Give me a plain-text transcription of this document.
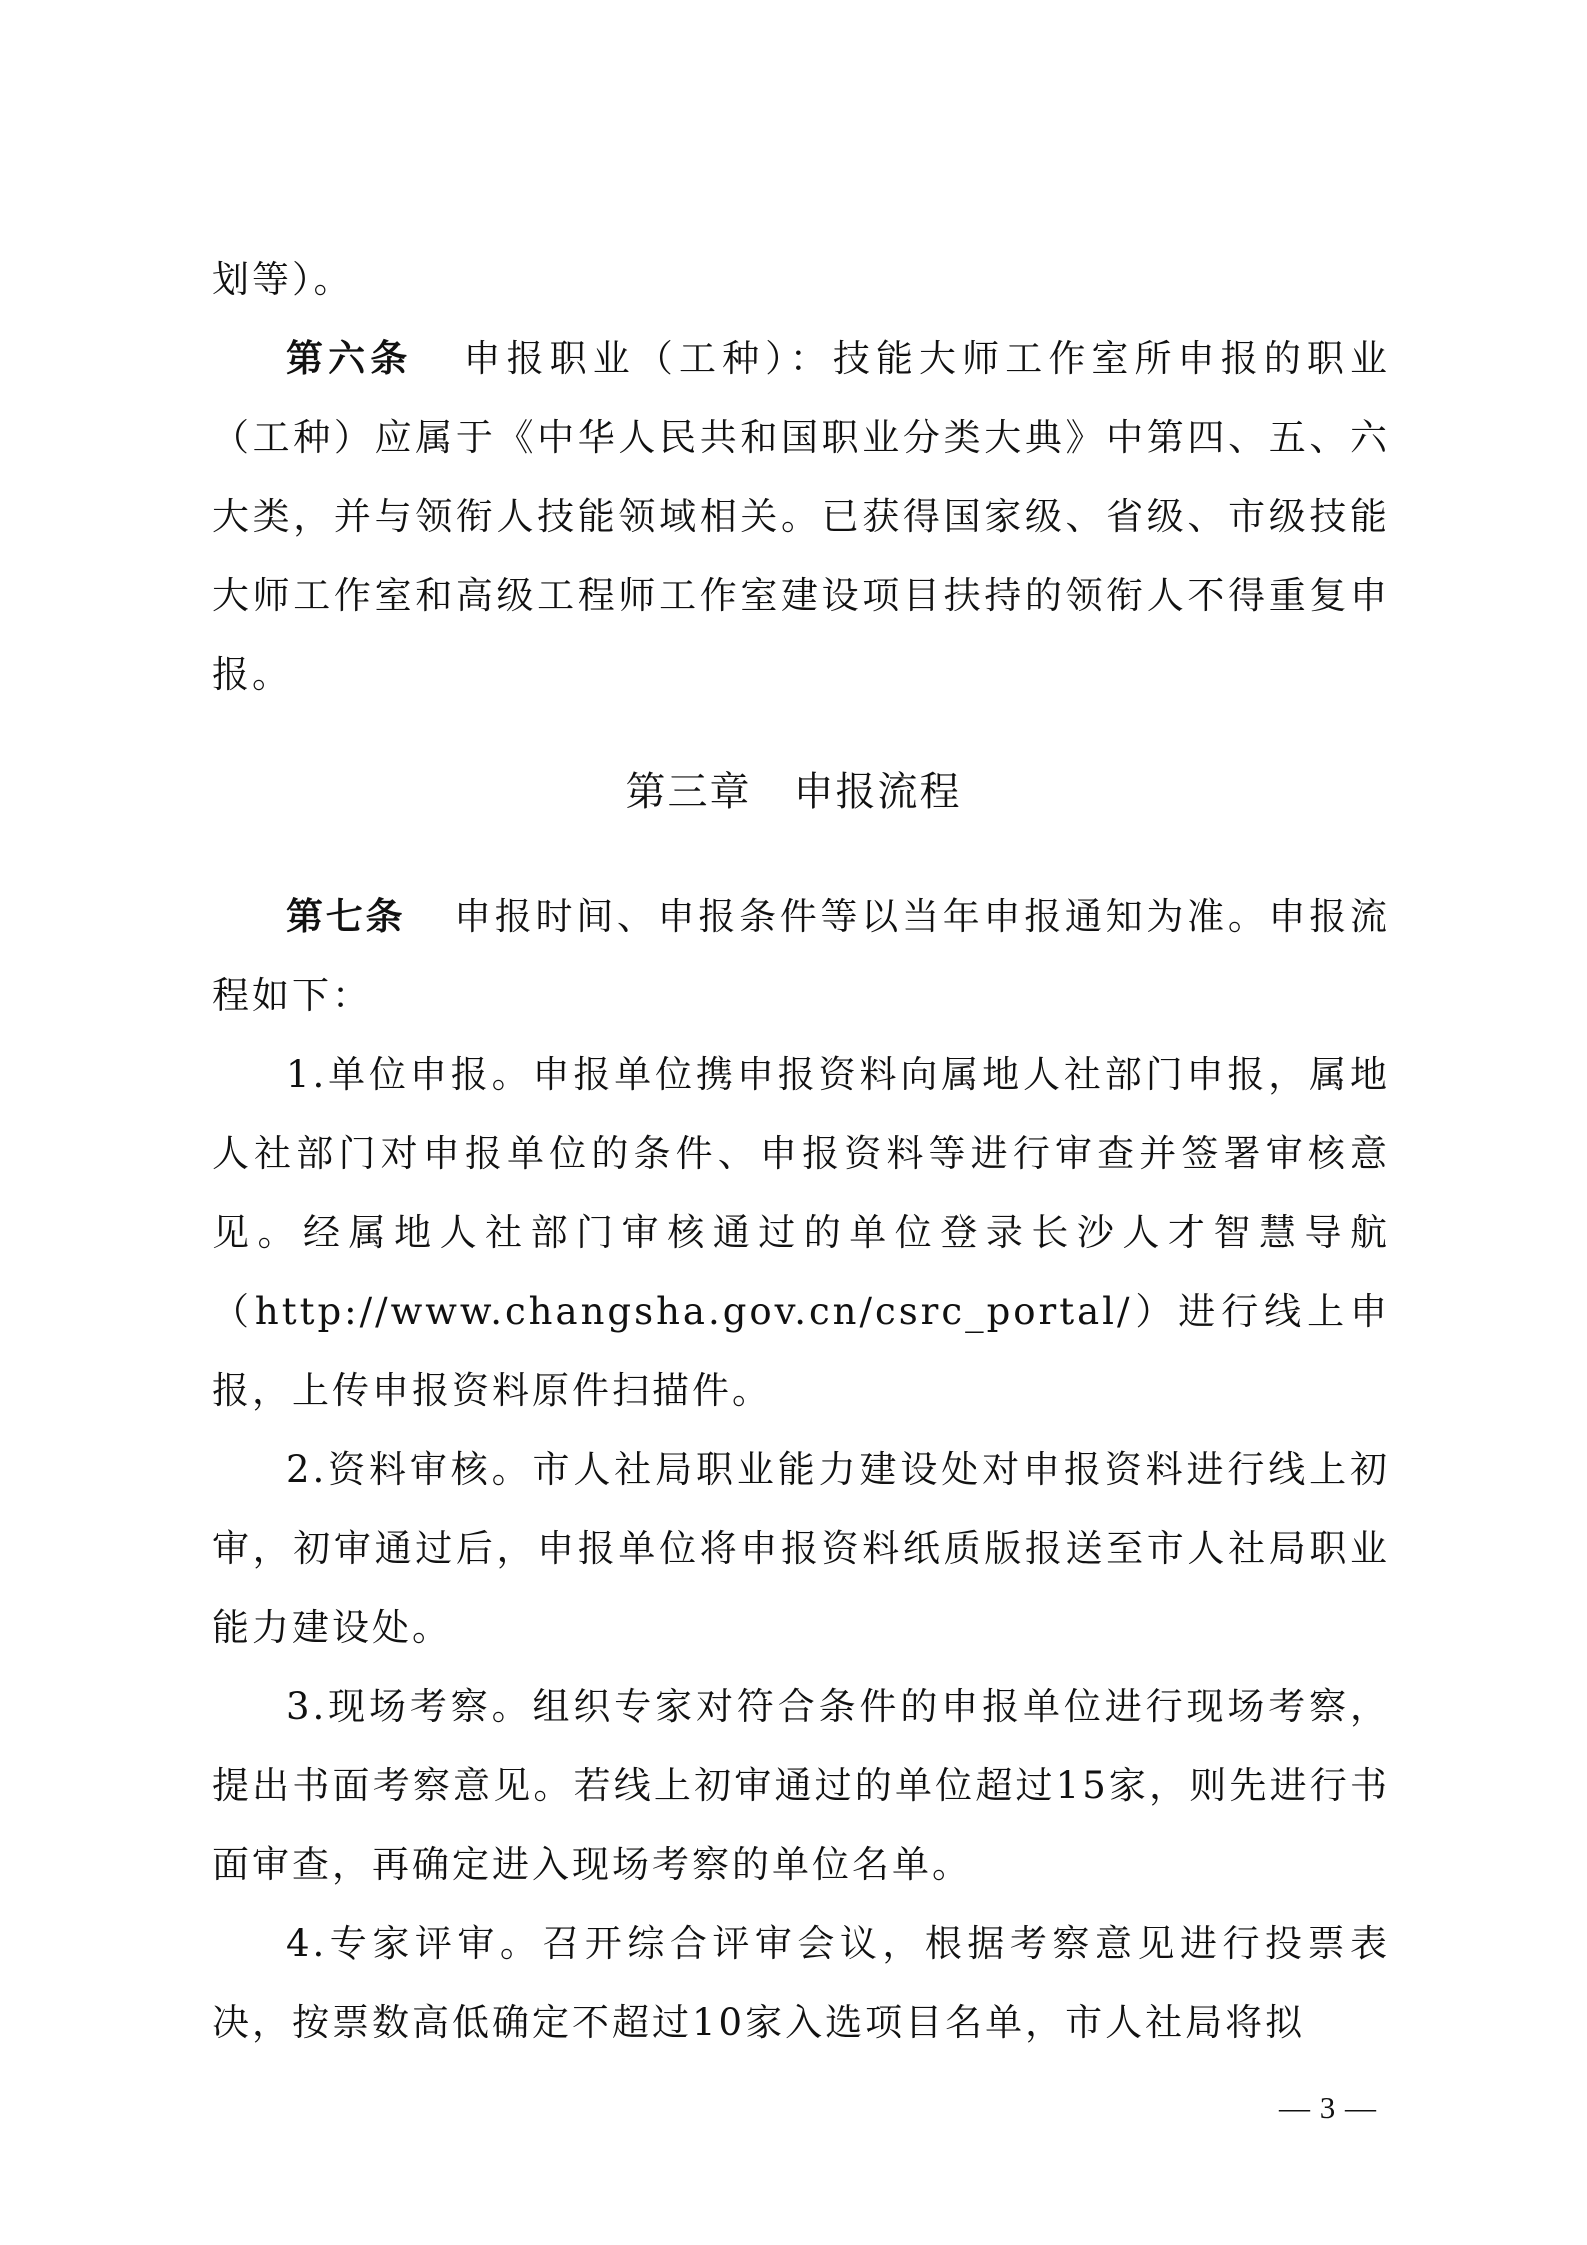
划等）。

第六条 申报职业（工种）：技能大师工作室所申报的职业（工种）应属于《中华人民共和国职业分类大典》中第四、五、六大类，并与领衔人技能领域相关。已获得国家级、省级、市级技能大师工作室和高级工程师工作室建设项目扶持的领衔人不得重复申报。

第三章　申报流程

第七条 申报时间、申报条件等以当年申报通知为准。申报流程如下：

1.单位申报。申报单位携申报资料向属地人社部门申报，属地人社部门对申报单位的条件、申报资料等进行审查并签署审核意见。经属地人社部门审核通过的单位登录长沙人才智慧导航（http://www.changsha.gov.cn/csrc_portal/）进行线上申报，上传申报资料原件扫描件。

2.资料审核。市人社局职业能力建设处对申报资料进行线上初审，初审通过后，申报单位将申报资料纸质版报送至市人社局职业能力建设处。

3.现场考察。组织专家对符合条件的申报单位进行现场考察，提出书面考察意见。若线上初审通过的单位超过15家，则先进行书面审查，再确定进入现场考察的单位名单。

4.专家评审。召开综合评审会议，根据考察意见进行投票表决，按票数高低确定不超过10家入选项目名单，市人社局将拟

— 3 —
